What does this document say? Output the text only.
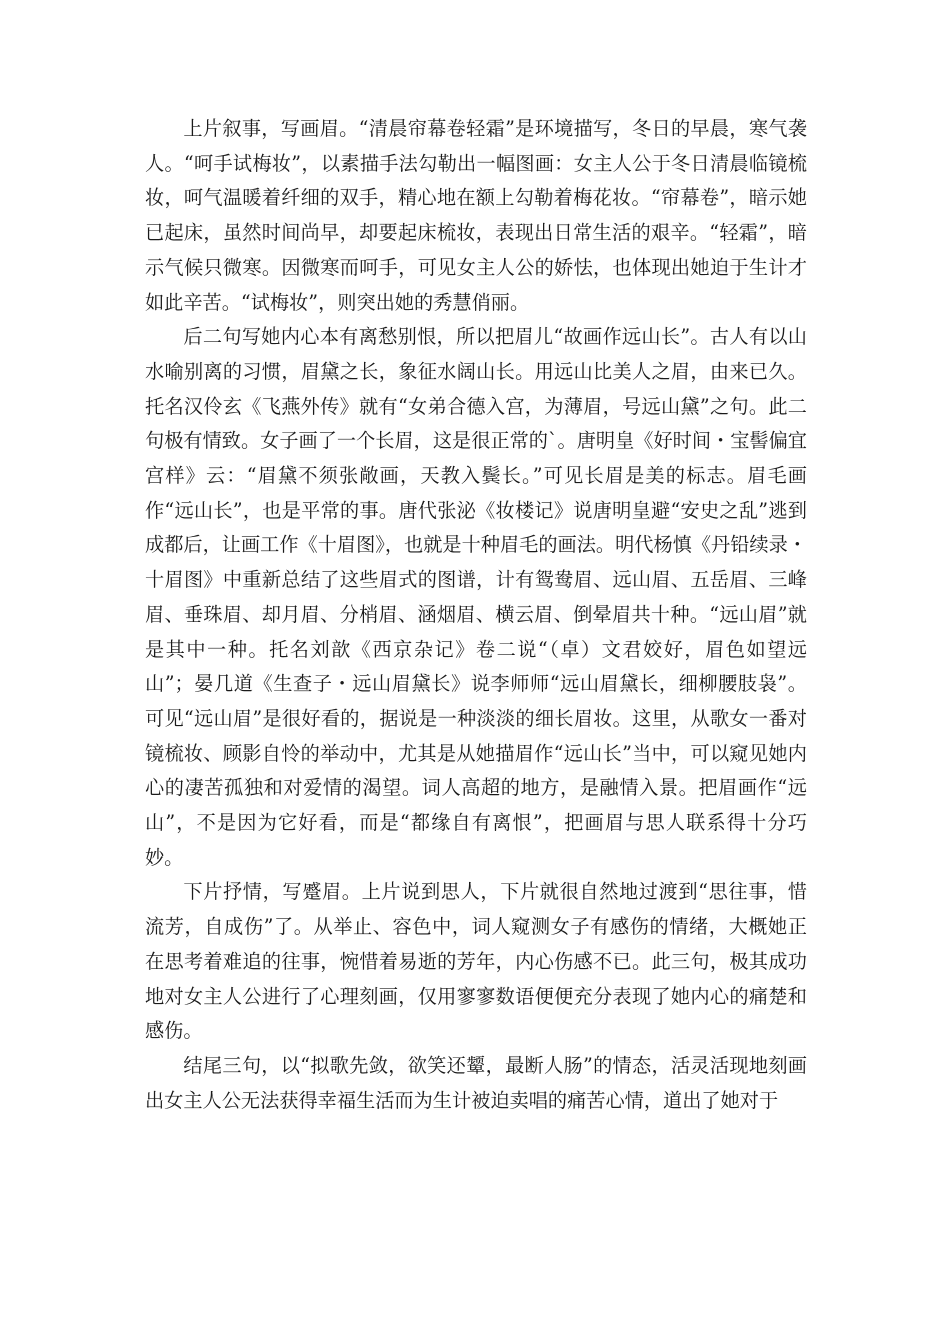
上片叙事，写画眉。“清晨帘幕卷轻霜”是环境描写，冬日的早晨，寒气袭人。“呵手试梅妆”，以素描手法勾勒出一幅图画：女主人公于冬日清晨临镜梳妆，呵气温暖着纤细的双手，精心地在额上勾勒着梅花妆。“帘幕卷”，暗示她已起床，虽然时间尚早，却要起床梳妆，表现出日常生活的艰辛。“轻霜”，暗示气候只微寒。因微寒而呵手，可见女主人公的娇怯，也体现出她迫于生计才如此辛苦。“试梅妆”，则突出她的秀慧俏丽。

后二句写她内心本有离愁别恨，所以把眉儿“故画作远山长”。古人有以山水喻别离的习惯，眉黛之长，象征水阔山长。用远山比美人之眉，由来已久。托名汉伶玄《飞燕外传》就有“女弟合德入宫，为薄眉，号远山黛”之句。此二句极有情致。女子画了一个长眉，这是很正常的`。唐明皇《好时间・宝髻偏宜宫样》云：“眉黛不须张敞画，天教入鬓长。”可见长眉是美的标志。眉毛画作“远山长”，也是平常的事。唐代张泌《妆楼记》说唐明皇避“安史之乱”逃到成都后，让画工作《十眉图》，也就是十种眉毛的画法。明代杨慎《丹铅续录・十眉图》中重新总结了这些眉式的图谱，计有鸳鸯眉、远山眉、五岳眉、三峰眉、垂珠眉、却月眉、分梢眉、涵烟眉、横云眉、倒晕眉共十种。“远山眉”就是其中一种。托名刘歆《西京杂记》卷二说“（卓）文君姣好，眉色如望远山”；晏几道《生查子・远山眉黛长》说李师师“远山眉黛长，细柳腰肢袅”。可见“远山眉”是很好看的，据说是一种淡淡的细长眉妆。这里，从歌女一番对镜梳妆、顾影自怜的举动中，尤其是从她描眉作“远山长”当中，可以窥见她内心的凄苦孤独和对爱情的渴望。词人高超的地方，是融情入景。把眉画作“远山”，不是因为它好看，而是“都缘自有离恨”，把画眉与思人联系得十分巧妙。

下片抒情，写蹙眉。上片说到思人，下片就很自然地过渡到“思往事，惜流芳，自成伤”了。从举止、容色中，词人窥测女子有感伤的情绪，大概她正在思考着难追的往事，惋惜着易逝的芳年，内心伤感不已。此三句，极其成功地对女主人公进行了心理刻画，仅用寥寥数语便便充分表现了她内心的痛楚和感伤。

结尾三句，以“拟歌先敛，欲笑还颦，最断人肠”的情态，活灵活现地刻画出女主人公无法获得幸福生活而为生计被迫卖唱的痛苦心情，道出了她对于
